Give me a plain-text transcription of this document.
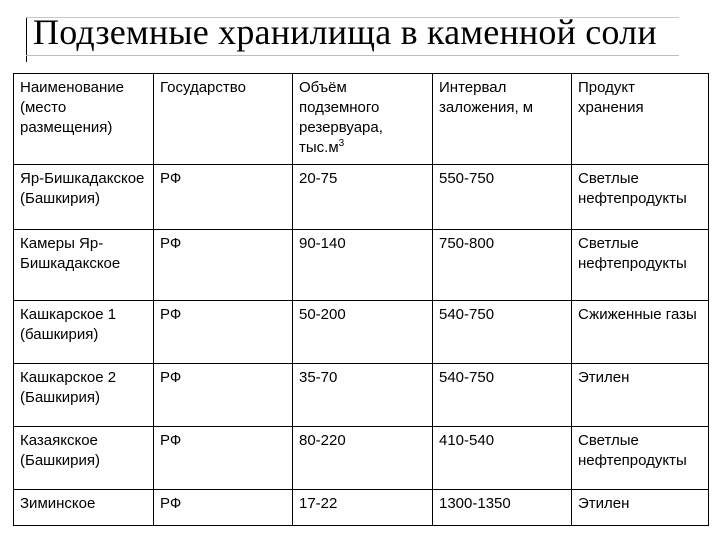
Подземные хранилища в каменной соли
Наименование (место размещения)	Государство	Объём подземного резервуара, $тыс.м^3$	Интервал заложения, м	Продукт хранения
Яр-Бишкадакское (Башкирия)	РФ	20-75	550-750	Светлые нефтепродукты
Камеры Яр-Бишкадакское	РФ	90-140	750-800	Светлые нефтепродукты
Кашкарское 1 (башкирия)	РФ	50-200	540-750	Сжиженные газы
Кашкарское 2 (Башкирия)	РФ	35-70	540-750	Этилен
Казаякское (Башкирия)	РФ	80-220	410-540	Светлые нефтепродукты
Зиминское	РФ	17-22	1300-1350	Этилен
